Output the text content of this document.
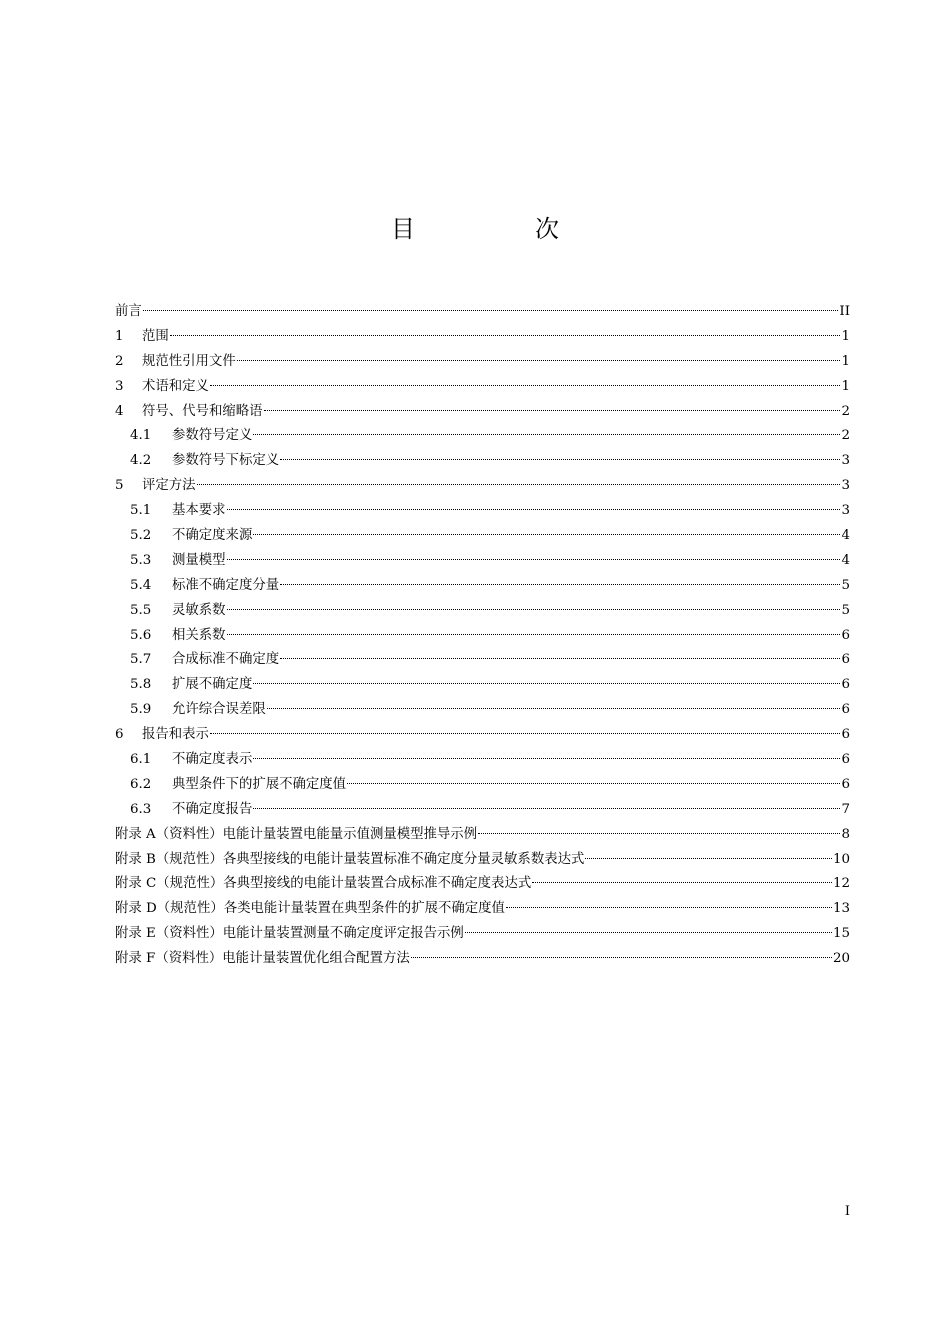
目　次
前言	II
1 范围	1
2 规范性引用文件	1
3 术语和定义	1
4 符号、代号和缩略语	2
4.1 参数符号定义	2
4.2 参数符号下标定义	3
5 评定方法	3
5.1 基本要求	3
5.2 不确定度来源	4
5.3 测量模型	4
5.4 标准不确定度分量	5
5.5 灵敏系数	5
5.6 相关系数	6
5.7 合成标准不确定度	6
5.8 扩展不确定度	6
5.9 允许综合误差限	6
6 报告和表示	6
6.1 不确定度表示	6
6.2 典型条件下的扩展不确定度值	6
6.3 不确定度报告	7
附录 A（资料性）电能计量装置电能量示值测量模型推导示例	8
附录 B（规范性）各典型接线的电能计量装置标准不确定度分量灵敏系数表达式	10
附录 C（规范性）各典型接线的电能计量装置合成标准不确定度表达式	12
附录 D（规范性）各类电能计量装置在典型条件的扩展不确定度值	13
附录 E（资料性）电能计量装置测量不确定度评定报告示例	15
附录 F（资料性）电能计量装置优化组合配置方法	20
I
